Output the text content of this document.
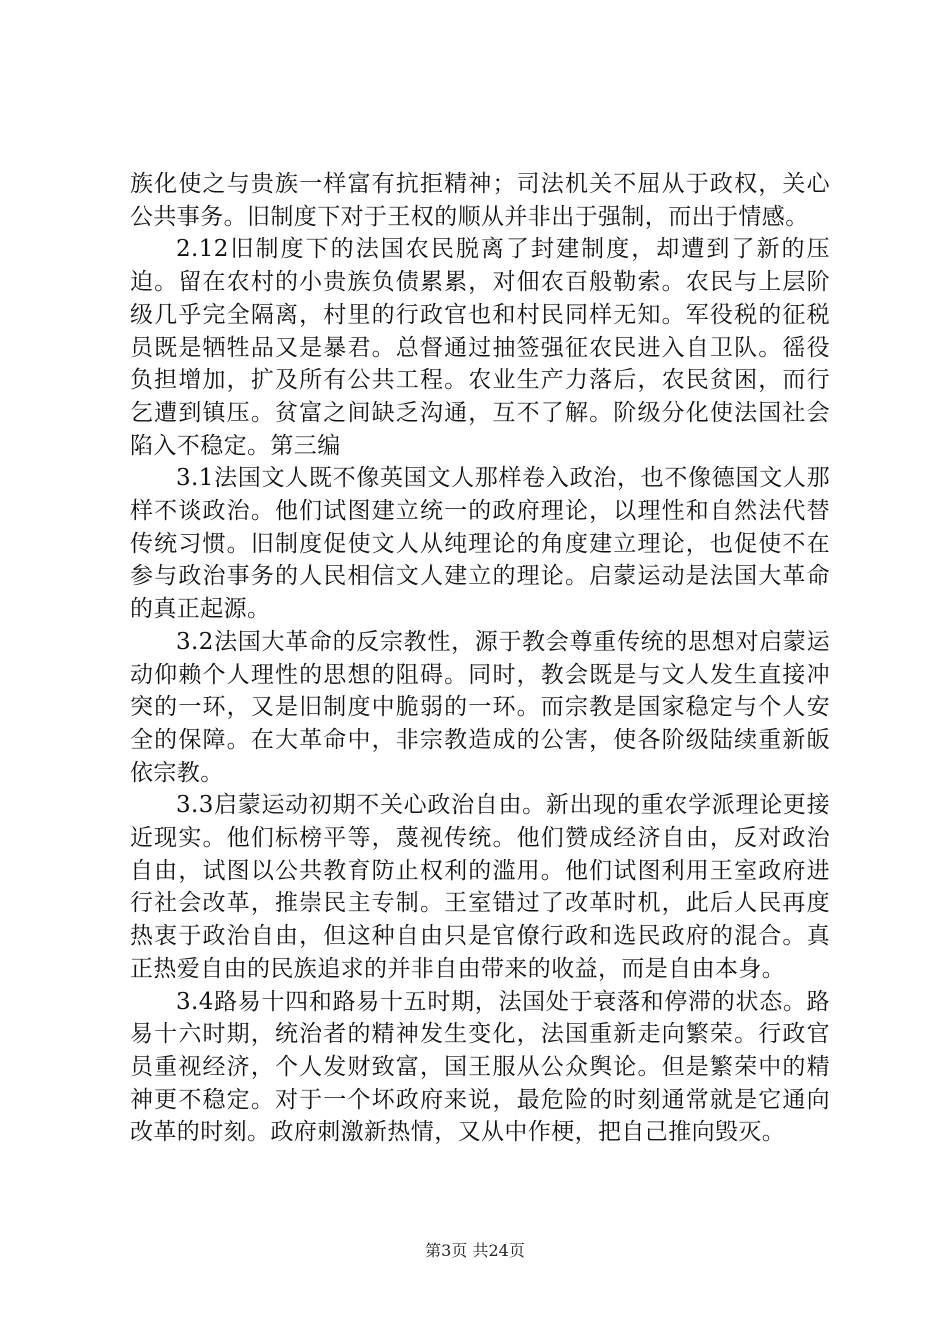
族化使之与贵族一样富有抗拒精神；司法机关不屈从于政权，关心公共事务。旧制度下对于王权的顺从并非出于强制，而出于情感。

2.12旧制度下的法国农民脱离了封建制度，却遭到了新的压迫。留在农村的小贵族负债累累，对佃农百般勒索。农民与上层阶级几乎完全隔离，村里的行政官也和村民同样无知。军役税的征税员既是牺牲品又是暴君。总督通过抽签强征农民进入自卫队。徭役负担增加，扩及所有公共工程。农业生产力落后，农民贫困，而行乞遭到镇压。贫富之间缺乏沟通，互不了解。阶级分化使法国社会陷入不稳定。第三编

3.1法国文人既不像英国文人那样卷入政治，也不像德国文人那样不谈政治。他们试图建立统一的政府理论，以理性和自然法代替传统习惯。旧制度促使文人从纯理论的角度建立理论，也促使不在参与政治事务的人民相信文人建立的理论。启蒙运动是法国大革命的真正起源。

3.2法国大革命的反宗教性，源于教会尊重传统的思想对启蒙运动仰赖个人理性的思想的阻碍。同时，教会既是与文人发生直接冲突的一环，又是旧制度中脆弱的一环。而宗教是国家稳定与个人安全的保障。在大革命中，非宗教造成的公害，使各阶级陆续重新皈依宗教。

3.3启蒙运动初期不关心政治自由。新出现的重农学派理论更接近现实。他们标榜平等，蔑视传统。他们赞成经济自由，反对政治自由，试图以公共教育防止权利的滥用。他们试图利用王室政府进行社会改革，推崇民主专制。王室错过了改革时机，此后人民再度热衷于政治自由，但这种自由只是官僚行政和选民政府的混合。真正热爱自由的民族追求的并非自由带来的收益，而是自由本身。

3.4路易十四和路易十五时期，法国处于衰落和停滞的状态。路易十六时期，统治者的精神发生变化，法国重新走向繁荣。行政官员重视经济，个人发财致富，国王服从公众舆论。但是繁荣中的精神更不稳定。对于一个坏政府来说，最危险的时刻通常就是它通向改革的时刻。政府刺激新热情，又从中作梗，把自己推向毁灭。

第3页 共24页
